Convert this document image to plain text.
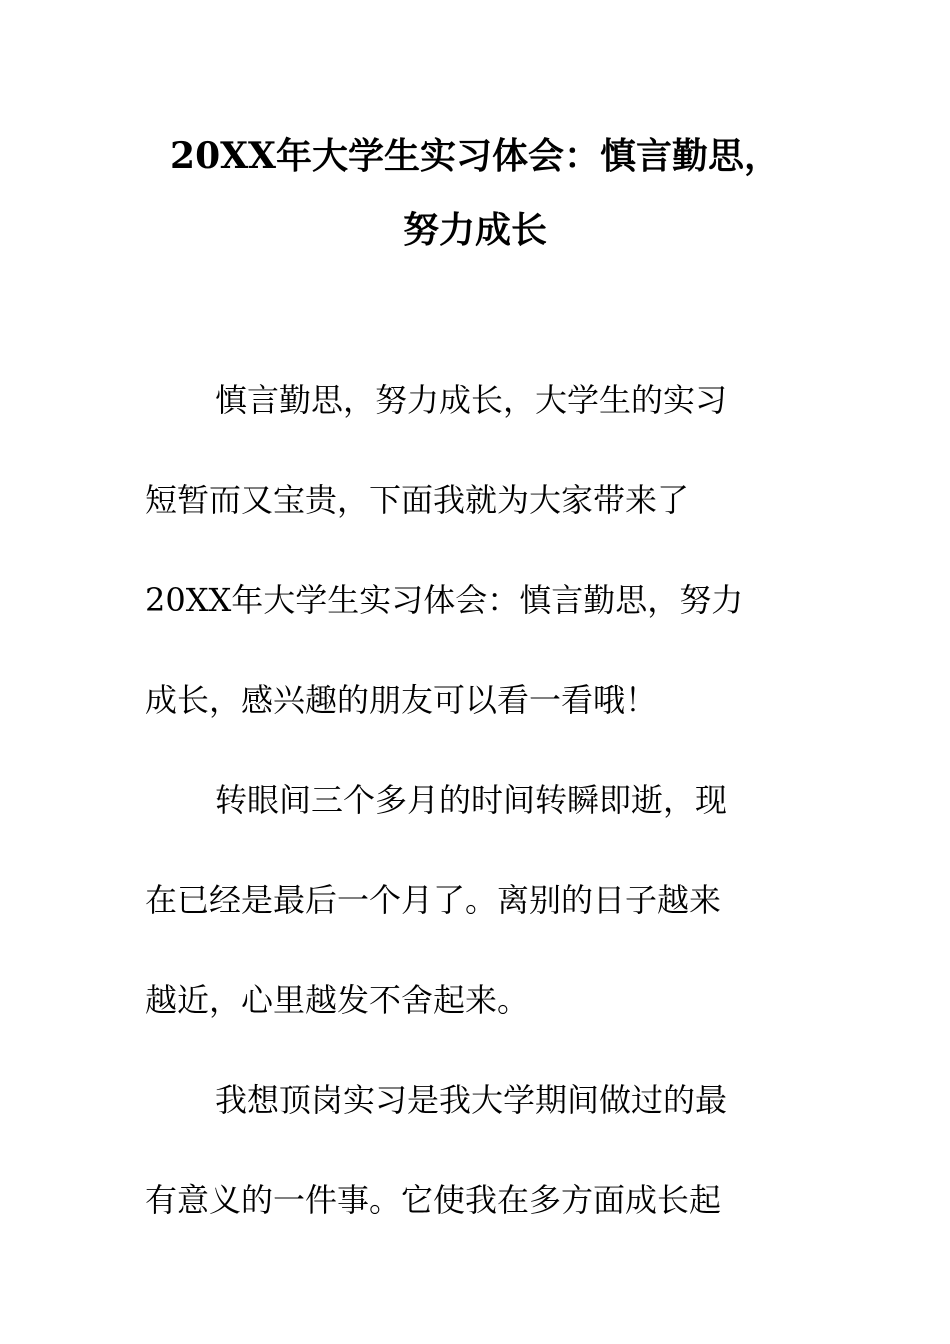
20XX年大学生实习体会：慎言勤思，
努力成长
慎言勤思，努力成长，大学生的实习
短暂而又宝贵，下面我就为大家带来了
20XX年大学生实习体会：慎言勤思，努力
成长，感兴趣的朋友可以看一看哦！
转眼间三个多月的时间转瞬即逝，现
在已经是最后一个月了。离别的日子越来
越近，心里越发不舍起来。
我想顶岗实习是我大学期间做过的最
有意义的一件事。它使我在多方面成长起
